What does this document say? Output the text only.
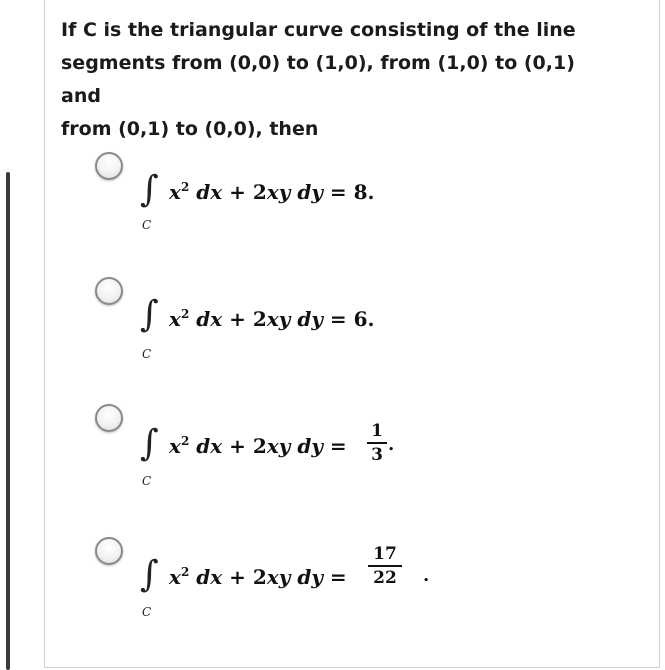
If C is the triangular curve consisting of the line
segments from (0,0) to (1,0), from (1,0) to (0,1) and
from (0,1) to (0,0), then

∫
C
$x^2$ dx + 2xy dy = 8.
∫
C
$x^2$ dx + 2xy dy = 6.
∫
C
$x^2$ dx + 2xy dy =
1
3 .
∫
C
$x^2$ dx + 2xy dy =
17
22 .
